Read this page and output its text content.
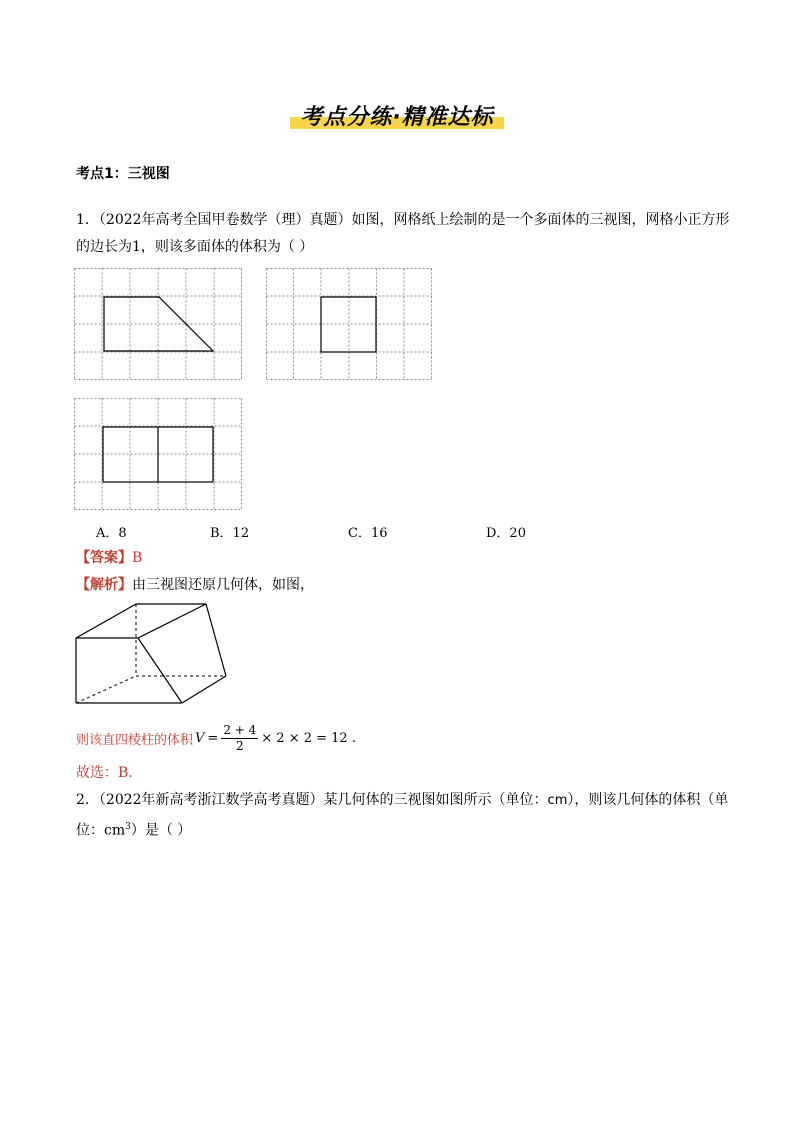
考点分练·精准达标
考点1：三视图
1．（2022年高考全国甲卷数学（理）真题）如图，网格纸上绘制的是一个多面体的三视图，网格小正方形
的边长为1，则该多面体的体积为（ ）
A．8	B．12	C．16	D．20
【答案】B
【解析】由三视图还原几何体，如图，
则该直四棱柱的体积 $V = \frac{2 + 4}{2} \times 2 \times 2 = 12$ .
故选：B.
2．（2022年新高考浙江数学高考真题）某几何体的三视图如图所示（单位：cm），则该几何体的体积（单
位：$cm^3$）是（ ）
